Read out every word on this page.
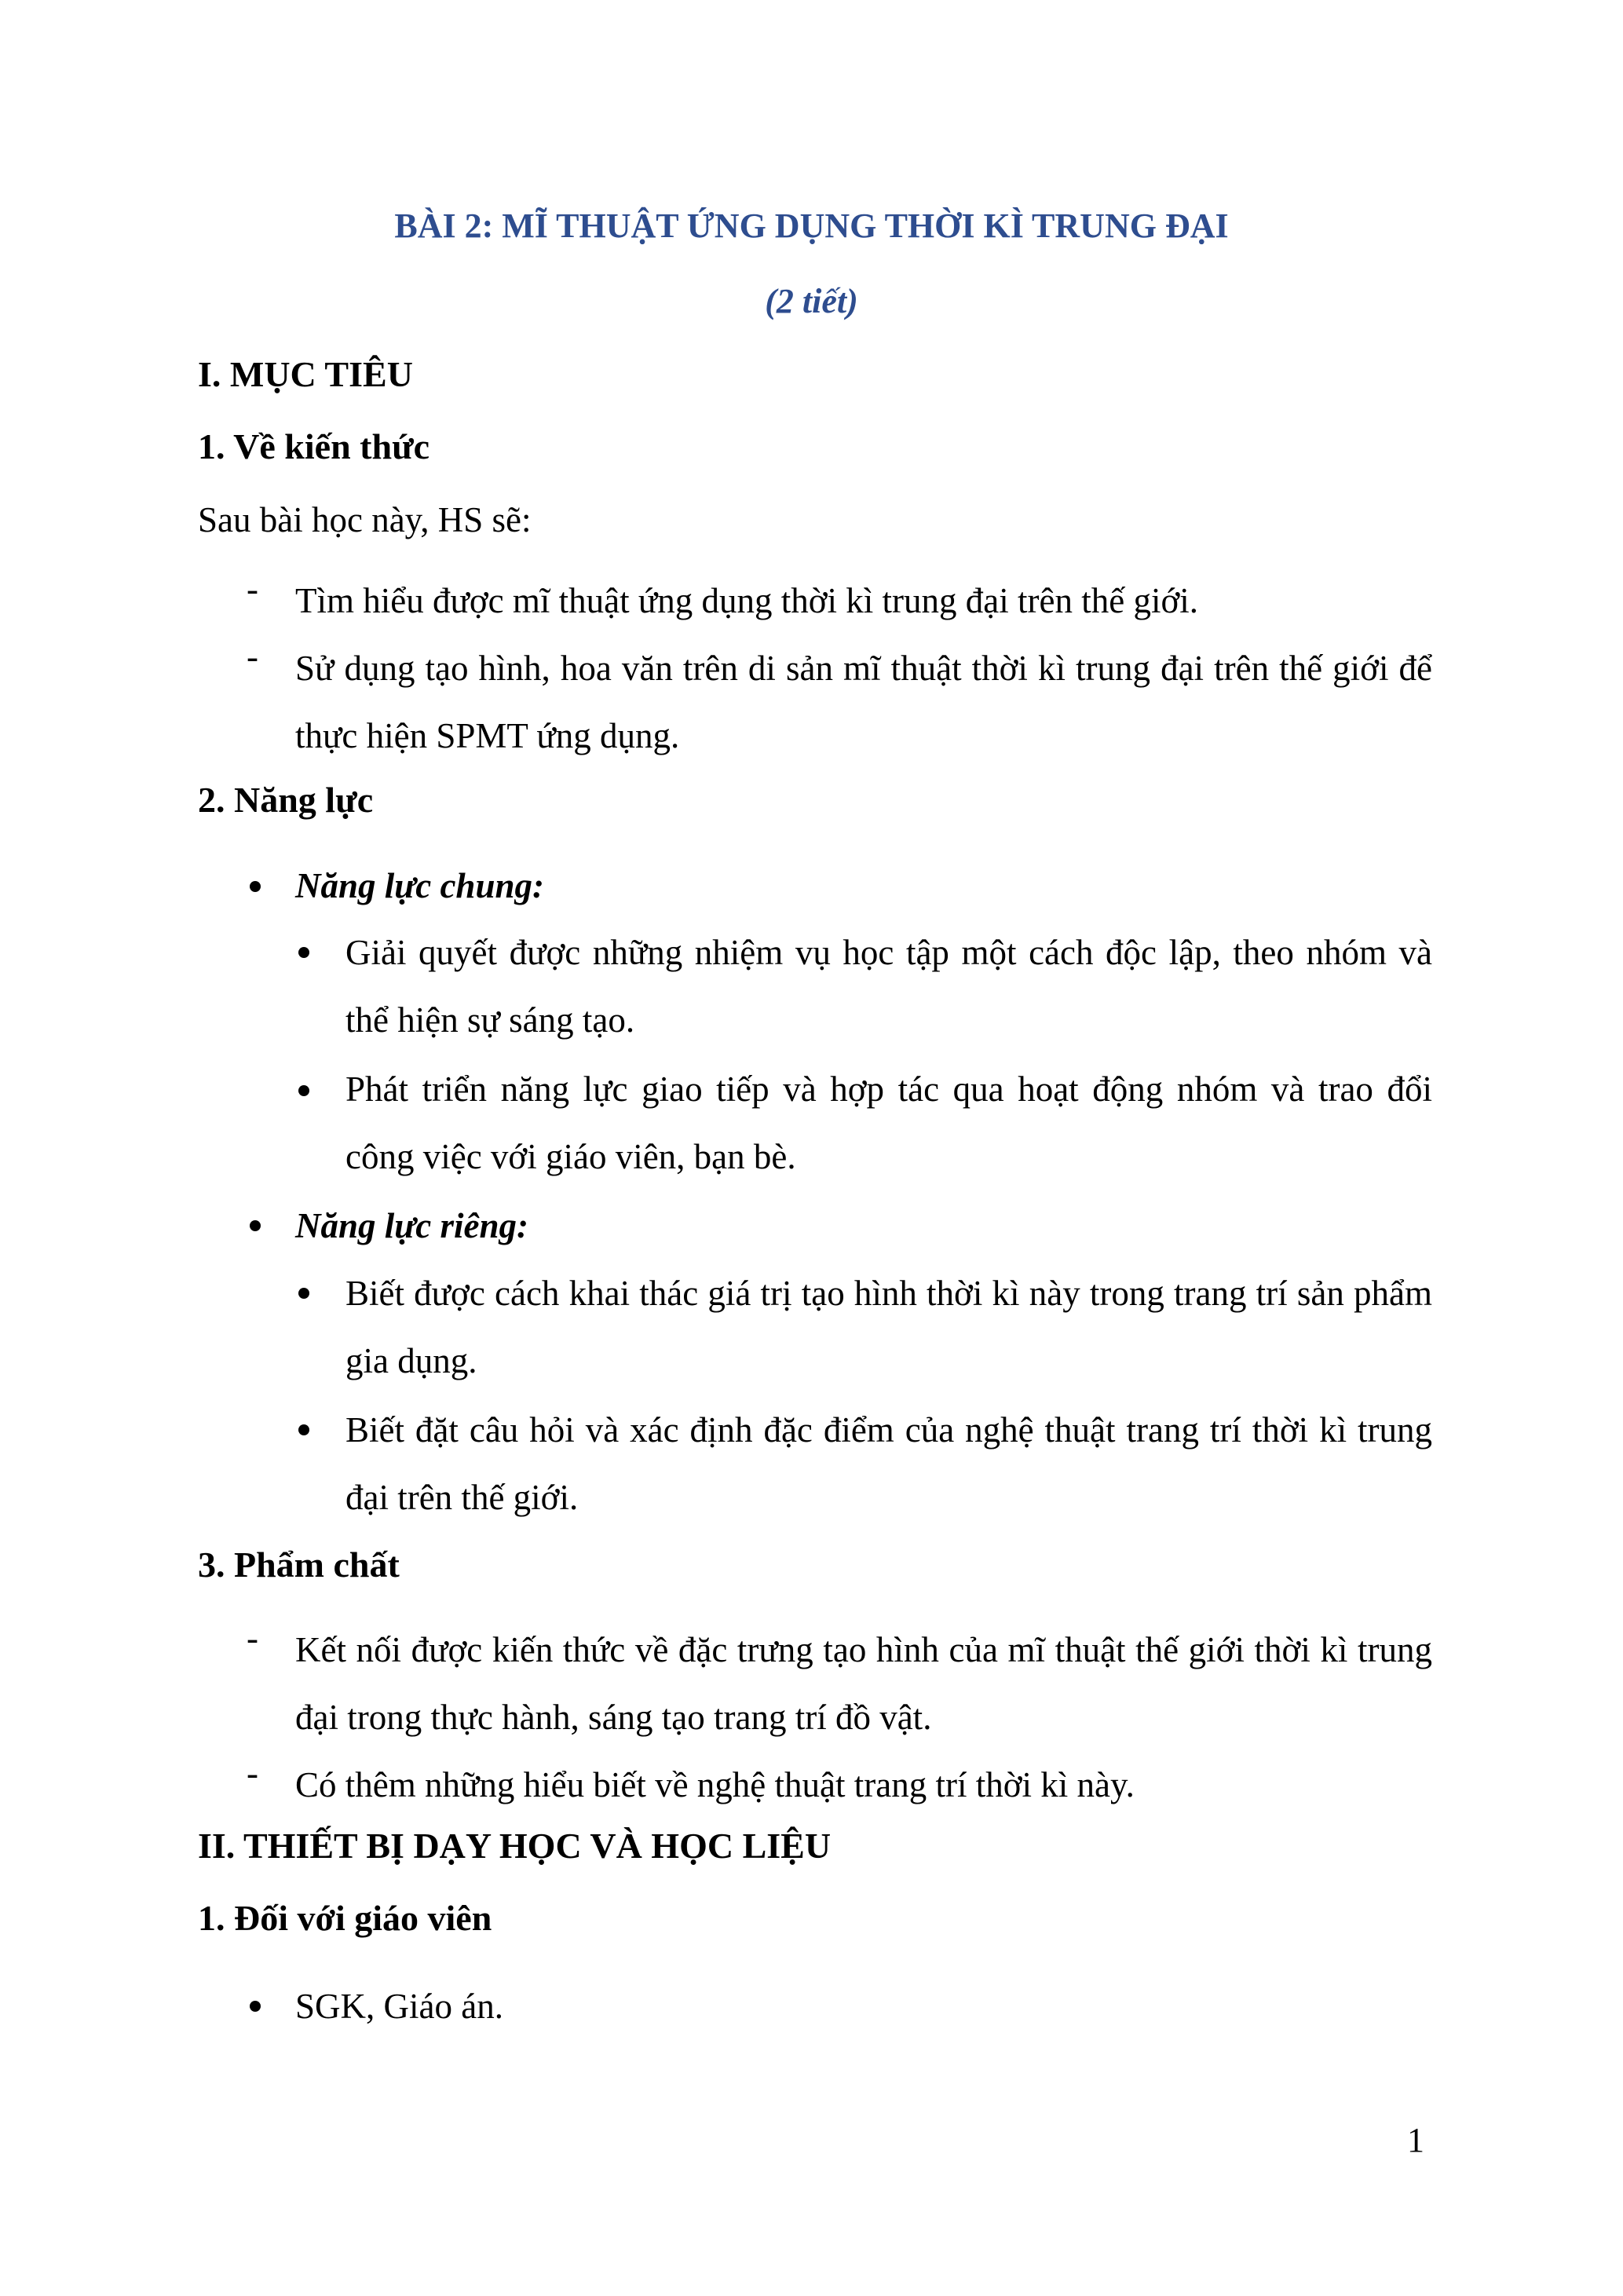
BÀI 2: MĨ THUẬT ỨNG DỤNG THỜI KÌ TRUNG ĐẠI
(2 tiết)
I. MỤC TIÊU
1. Về kiến thức
Sau bài học này, HS sẽ:
- Tìm hiểu được mĩ thuật ứng dụng thời kì trung đại trên thế giới.

- Sử dụng tạo hình, hoa văn trên di sản mĩ thuật thời kì trung đại trên thế giới để thực hiện SPMT ứng dụng.

2. Năng lực
Năng lực chung:

Giải quyết được những nhiệm vụ học tập một cách độc lập, theo nhóm và thể hiện sự sáng tạo.

Phát triển năng lực giao tiếp và hợp tác qua hoạt động nhóm và trao đổi công việc với giáo viên, bạn bè.

Năng lực riêng:

Biết được cách khai thác giá trị tạo hình thời kì này trong trang trí sản phẩm gia dụng.

Biết đặt câu hỏi và xác định đặc điểm của nghệ thuật trang trí thời kì trung đại trên thế giới.

3. Phẩm chất
- Kết nối được kiến thức về đặc trưng tạo hình của mĩ thuật thế giới thời kì trung đại trong thực hành, sáng tạo trang trí đồ vật.

- Có thêm những hiểu biết về nghệ thuật trang trí thời kì này.

II. THIẾT BỊ DẠY HỌC VÀ HỌC LIỆU
1. Đối với giáo viên

SGK, Giáo án.

1
